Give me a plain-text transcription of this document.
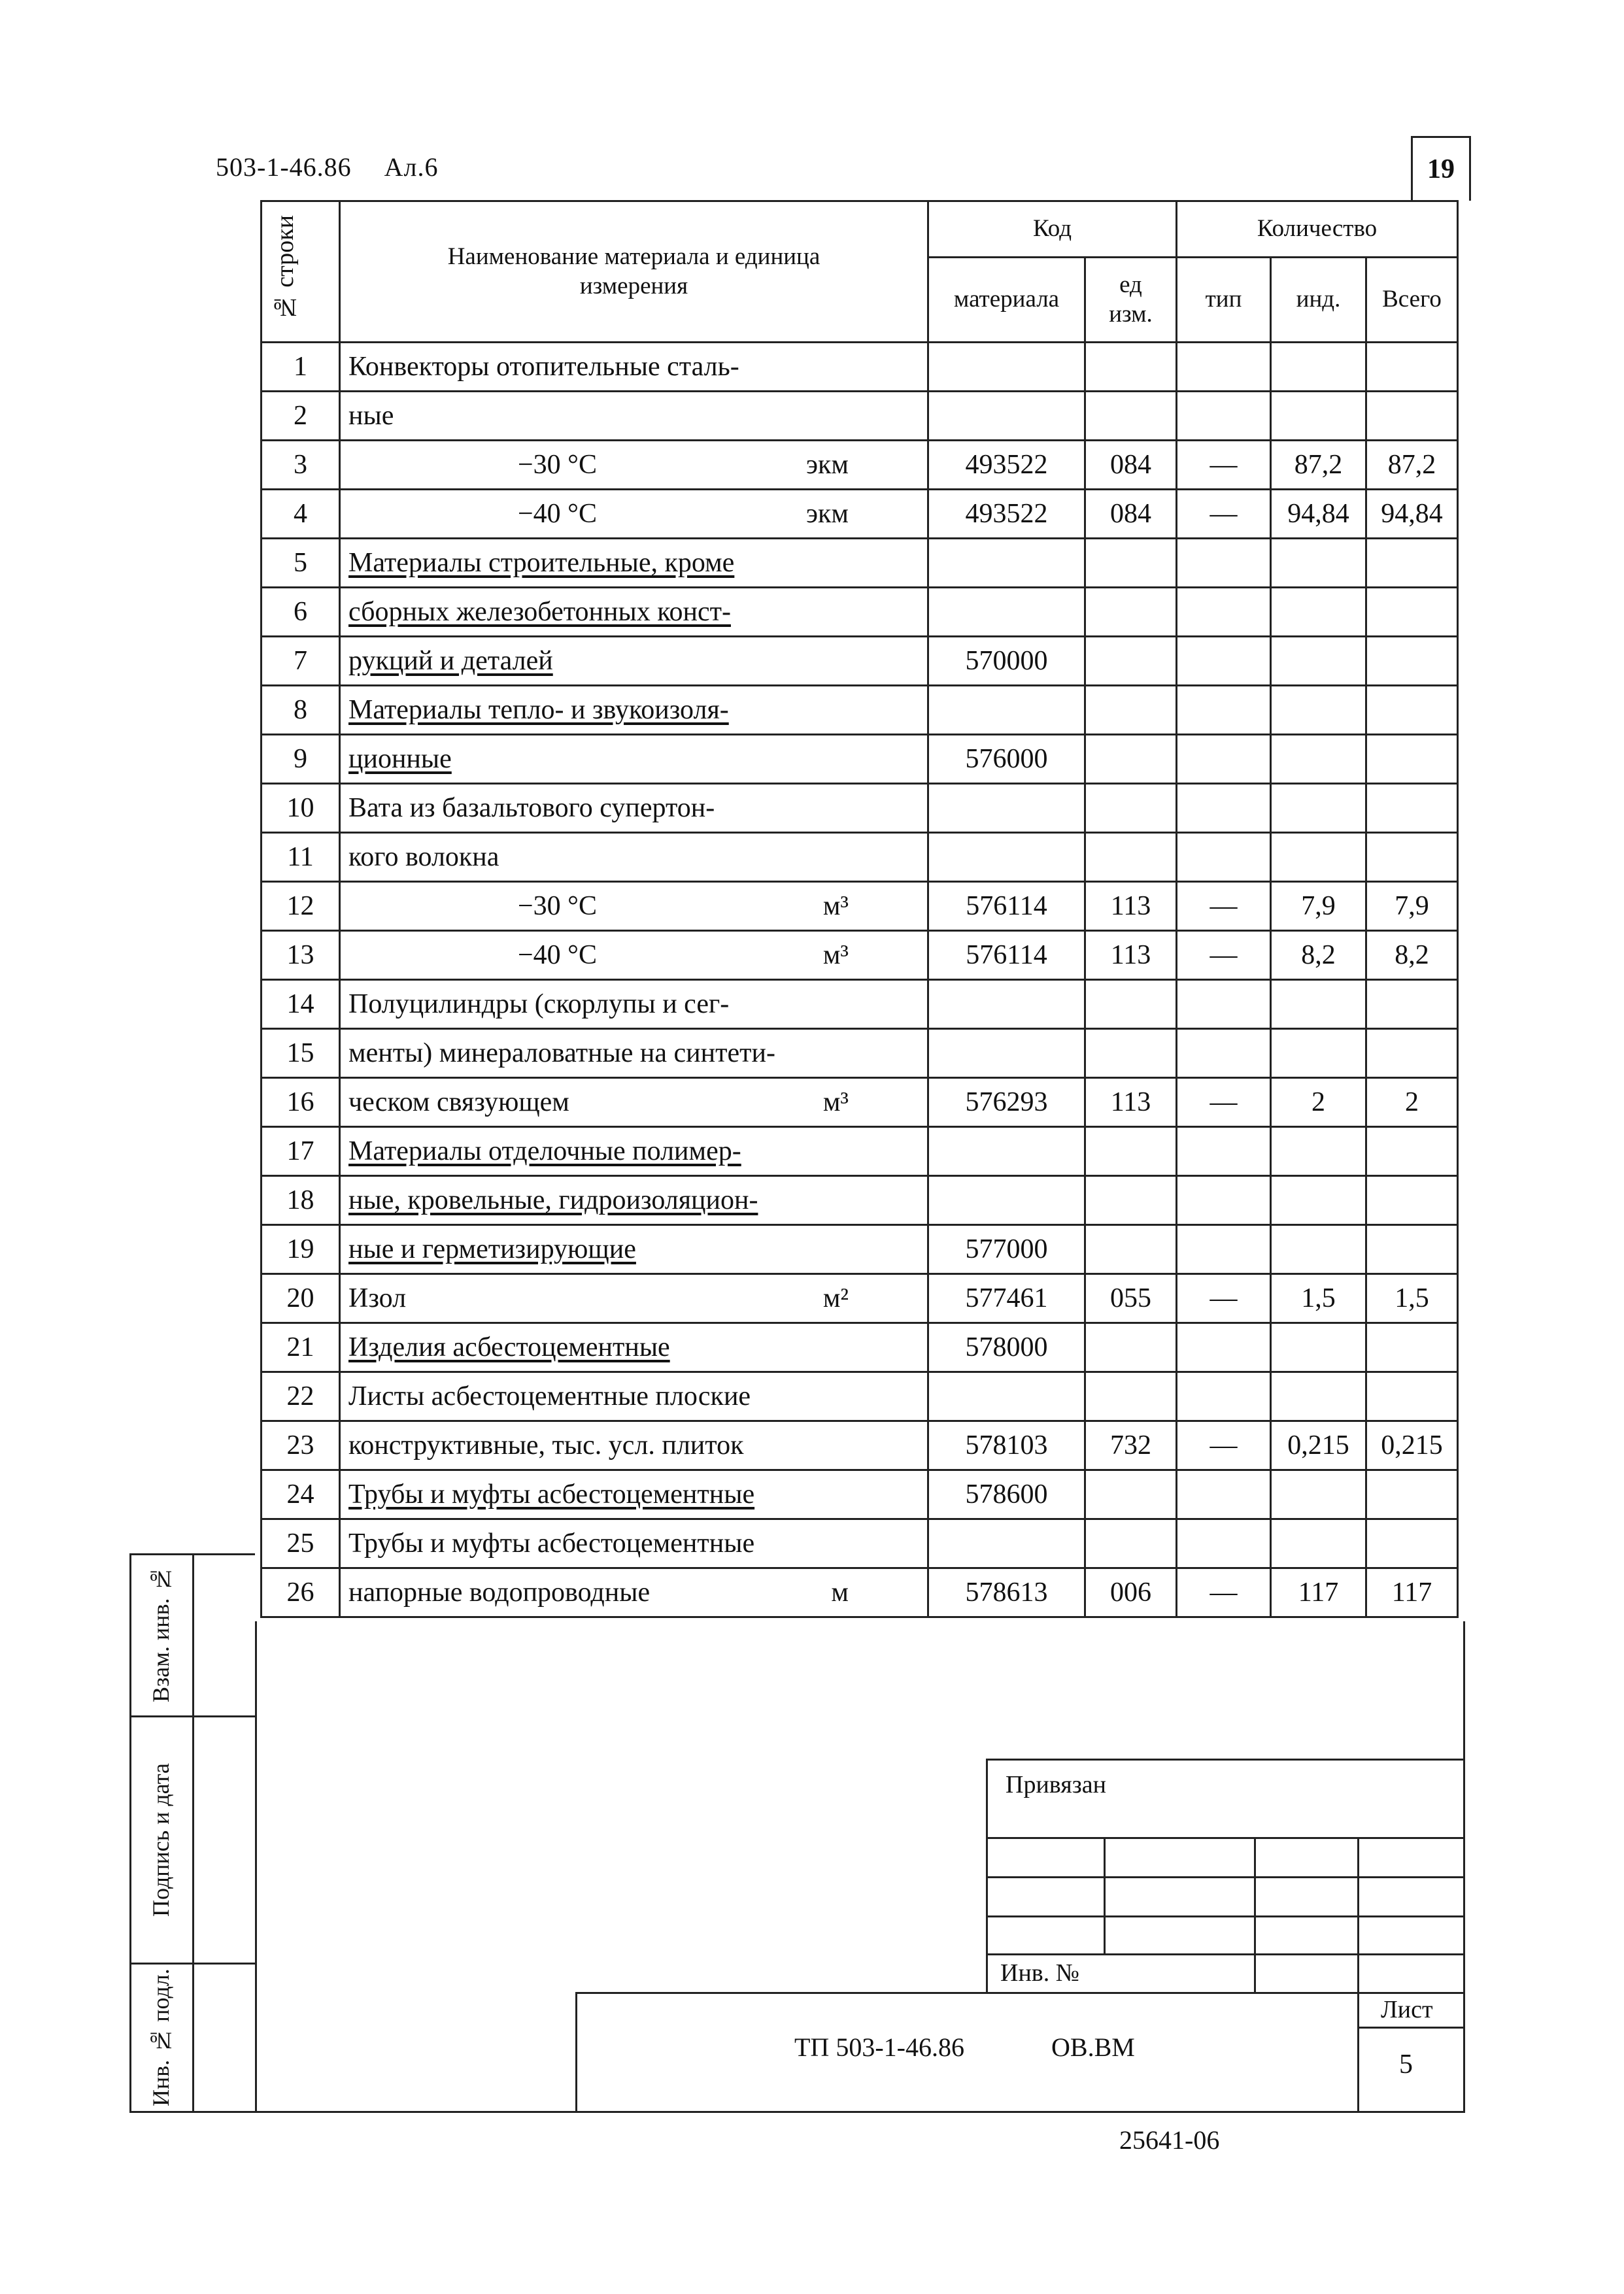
503-1-46.86 Ал.6	19
№ строки	Наименование материала и единица измерения	Код		Количество		
		материала	ед изм.	тип	инд.	Всего
1	Конвекторы отопительные сталь-					

2	ные					

3	−30 °С экм	493522	084	—	87,2	87,2
4	−40 °С экм	493522	084	—	94,84	94,84
5	Материалы строительные, кроме					

6	сборных железобетонных конст-					

7	рукций и деталей	570000				
8	Материалы тепло- и звукоизоля-					

9	ционные	576000				
10	Вата из базальтового супертон-					

11	кого волокна					

12	−30 °С м³	576114	113	—	7,9	7,9
13	−40 °С м³	576114	113	—	8,2	8,2
14	Полуцилиндры (скорлупы и сег-					

15	менты) минераловатные на синтети-					

16	ческом связующем м³	576293	113	—	2	2
17	Материалы отделочные полимер-					

18	ные, кровельные, гидроизоляцион-					

19	ные и герметизирующие	577000				
20	Изол м²	577461	055	—	1,5	1,5
21	Изделия асбестоцементные	578000				
22	Листы асбестоцементные плоские					

23	конструктивные, тыс. усл. плиток	578103	732	—	0,215	0,215
24	Трубы и муфты асбестоцементные	578600				
25	Трубы и муфты асбестоцементные					

26	напорные водопроводные м	578613	006	—	117	117
Взам. инв. №
Подпись и дата
Инв. № подл.
Привязан
Инв. №
Лист
5
ТП 503-1-46.86	ОВ.ВМ
25641-06
